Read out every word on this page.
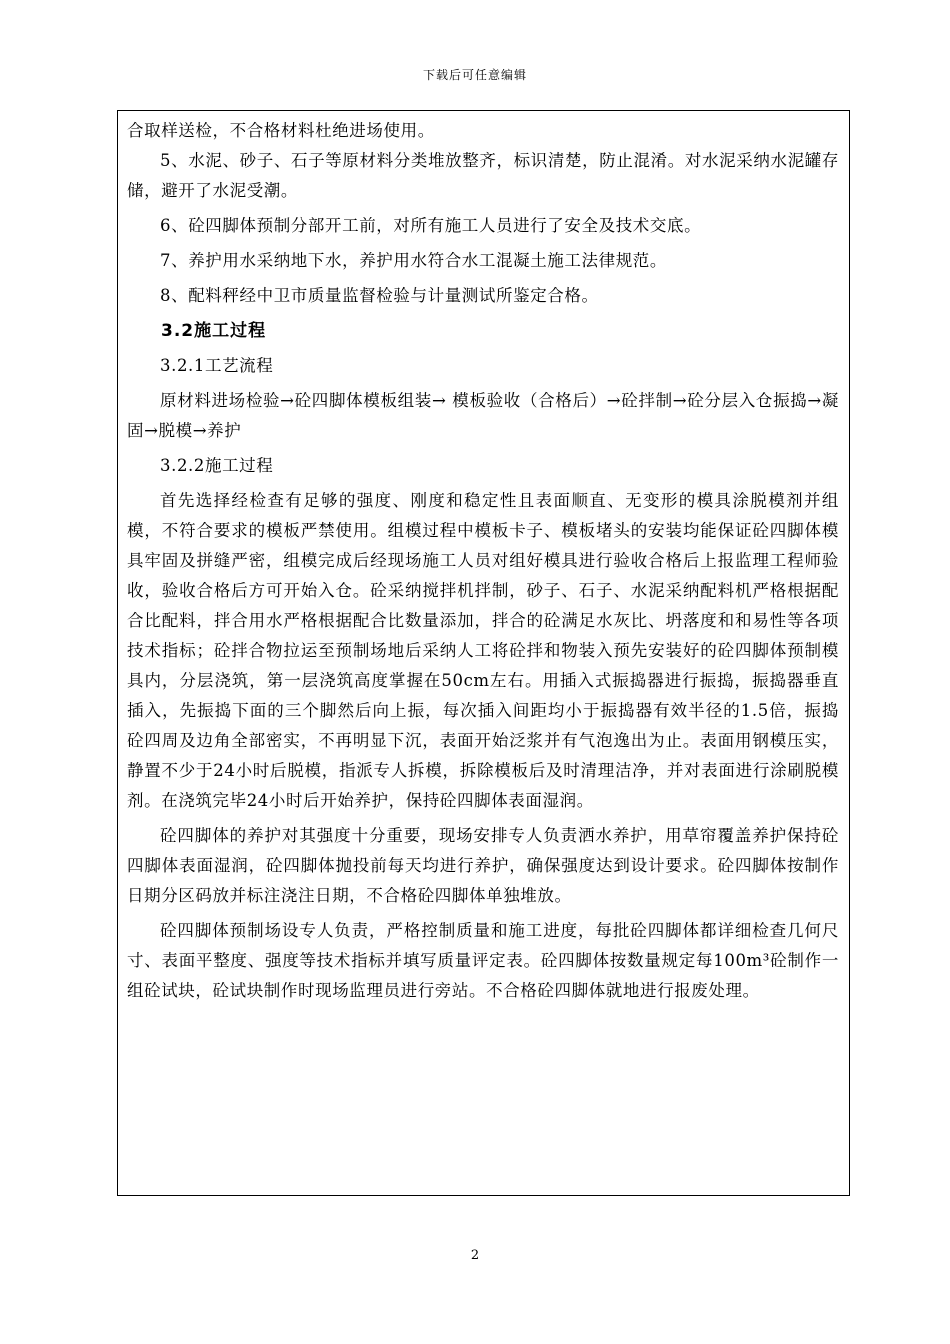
下载后可任意编辑

合取样送检，不合格材料杜绝进场使用。

5、水泥、砂子、石子等原材料分类堆放整齐，标识清楚，防止混淆。对水泥采纳水泥罐存储，避开了水泥受潮。

6、砼四脚体预制分部开工前，对所有施工人员进行了安全及技术交底。

7、养护用水采纳地下水，养护用水符合水工混凝土施工法律规范。

8、配料秤经中卫市质量监督检验与计量测试所鉴定合格。

3.2施工过程

3.2.1工艺流程

原材料进场检验→砼四脚体模板组装→ 模板验收（合格后）→砼拌制→砼分层入仓振捣→凝固→脱模→养护

3.2.2施工过程

首先选择经检查有足够的强度、刚度和稳定性且表面顺直、无变形的模具涂脱模剂并组模，不符合要求的模板严禁使用。组模过程中模板卡子、模板堵头的安装均能保证砼四脚体模具牢固及拼缝严密，组模完成后经现场施工人员对组好模具进行验收合格后上报监理工程师验收，验收合格后方可开始入仓。砼采纳搅拌机拌制，砂子、石子、水泥采纳配料机严格根据配合比配料，拌合用水严格根据配合比数量添加，拌合的砼满足水灰比、坍落度和和易性等各项技术指标；砼拌合物拉运至预制场地后采纳人工将砼拌和物装入预先安装好的砼四脚体预制模具内，分层浇筑，第一层浇筑高度掌握在50cm左右。用插入式振捣器进行振捣，振捣器垂直插入，先振捣下面的三个脚然后向上振，每次插入间距均小于振捣器有效半径的1.5倍，振捣砼四周及边角全部密实，不再明显下沉，表面开始泛浆并有气泡逸出为止。表面用钢模压实，静置不少于24小时后脱模，指派专人拆模，拆除模板后及时清理洁净，并对表面进行涂刷脱模剂。在浇筑完毕24小时后开始养护，保持砼四脚体表面湿润。

砼四脚体的养护对其强度十分重要，现场安排专人负责洒水养护，用草帘覆盖养护保持砼四脚体表面湿润，砼四脚体抛投前每天均进行养护，确保强度达到设计要求。砼四脚体按制作日期分区码放并标注浇注日期，不合格砼四脚体单独堆放。

砼四脚体预制场设专人负责，严格控制质量和施工进度，每批砼四脚体都详细检查几何尺寸、表面平整度、强度等技术指标并填写质量评定表。砼四脚体按数量规定每100m³砼制作一组砼试块，砼试块制作时现场监理员进行旁站。不合格砼四脚体就地进行报废处理。

2
